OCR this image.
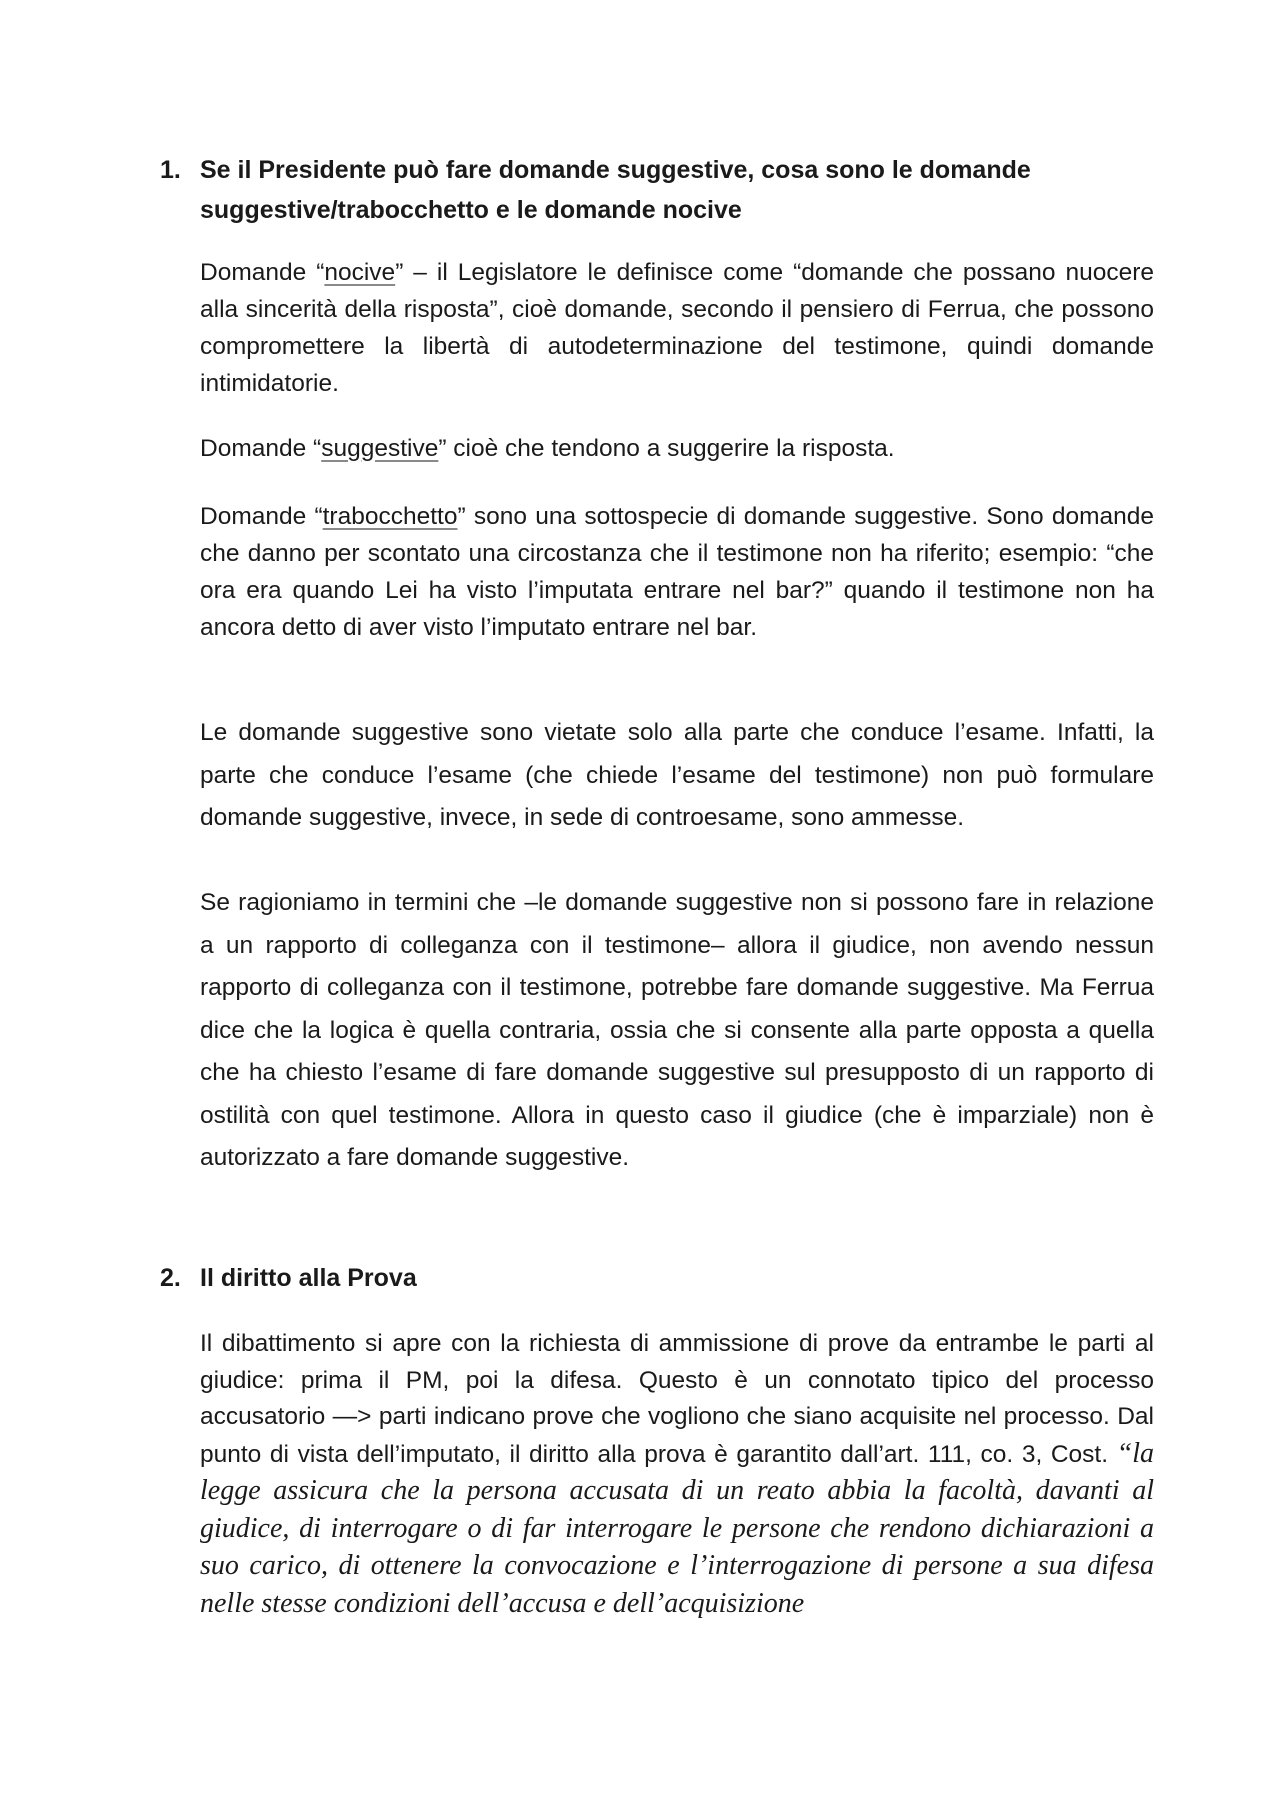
1. Se il Presidente può fare domande suggestive, cosa sono le domande
suggestive/trabocchetto e le domande nocive

Domande “nocive” – il Legislatore le definisce come “domande che possano nuocere alla sincerità della risposta”, cioè domande, secondo il pensiero di Ferrua, che possono compromettere la libertà di autodeterminazione del testimone, quindi domande intimidatorie.

Domande “suggestive” cioè che tendono a suggerire la risposta.

Domande “trabocchetto” sono una sottospecie di domande suggestive. Sono domande che danno per scontato una circostanza che il testimone non ha riferito; esempio: “che ora era quando Lei ha visto l’imputata entrare nel bar?” quando il testimone non ha ancora detto di aver visto l’imputato entrare nel bar.

Le domande suggestive sono vietate solo alla parte che conduce l’esame. Infatti, la parte che conduce l’esame (che chiede l’esame del testimone) non può formulare domande suggestive, invece, in sede di controesame, sono ammesse.

Se ragioniamo in termini che –le domande suggestive non si possono fare in relazione a un rapporto di colleganza con il testimone– allora il giudice, non avendo nessun rapporto di colleganza con il testimone, potrebbe fare domande suggestive. Ma Ferrua dice che la logica è quella contraria, ossia che si consente alla parte opposta a quella che ha chiesto l’esame di fare domande suggestive sul presupposto di un rapporto di ostilità con quel testimone. Allora in questo caso il giudice (che è imparziale) non è autorizzato a fare domande suggestive.

2. Il diritto alla Prova

Il dibattimento si apre con la richiesta di ammissione di prove da entrambe le parti al giudice: prima il PM, poi la difesa. Questo è un connotato tipico del processo accusatorio —> parti indicano prove che vogliono che siano acquisite nel processo. Dal punto di vista dell’imputato, il diritto alla prova è garantito dall’art. 111, co. 3, Cost. “la legge assicura che la persona accusata di un reato abbia la facoltà, davanti al giudice, di interrogare o di far interrogare le persone che rendono dichiarazioni a suo carico, di ottenere la convocazione e l’interrogazione di persone a sua difesa nelle stesse condizioni dell’accusa e dell’acquisizione
